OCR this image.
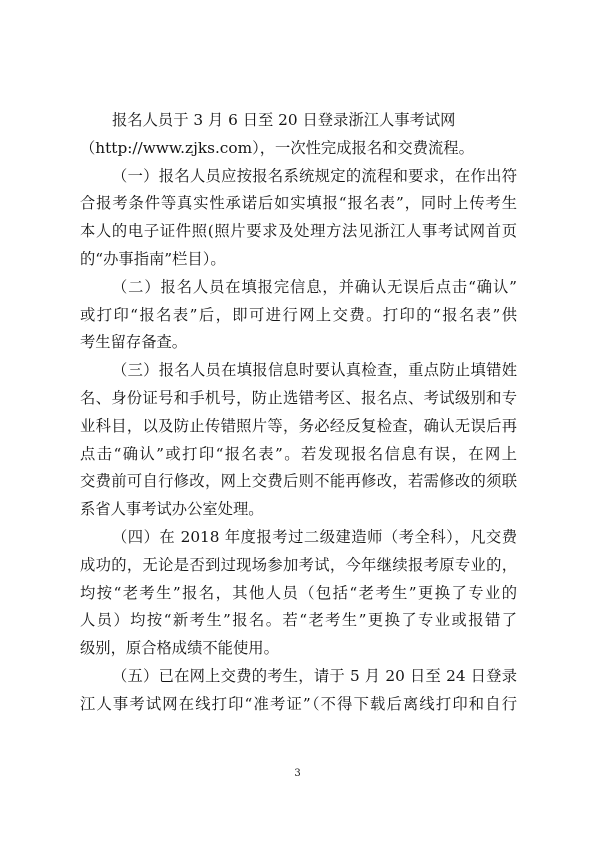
报名人员于 3 月 6 日至 20 日登录浙江人事考试网
（http://www.zjks.com），一次性完成报名和交费流程。
（一）报名人员应按报名系统规定的流程和要求，在作出符
合报考条件等真实性承诺后如实填报“报名表”，同时上传考生
本人的电子证件照(照片要求及处理方法见浙江人事考试网首页
的“办事指南”栏目）。
（二）报名人员在填报完信息，并确认无误后点击“确认”
或打印“报名表”后，即可进行网上交费。打印的“报名表”供
考生留存备查。
（三）报名人员在填报信息时要认真检查，重点防止填错姓
名、身份证号和手机号，防止选错考区、报名点、考试级别和专
业科目，以及防止传错照片等，务必经反复检查，确认无误后再
点击“确认”或打印“报名表”。若发现报名信息有误，在网上
交费前可自行修改，网上交费后则不能再修改，若需修改的须联
系省人事考试办公室处理。
（四）在 2018 年度报考过二级建造师（考全科），凡交费
成功的，无论是否到过现场参加考试，今年继续报考原专业的，
均按“老考生”报名，其他人员（包括“老考生”更换了专业的
人员）均按“新考生”报名。若“老考生”更换了专业或报错了
级别，原合格成绩不能使用。
（五）已在网上交费的考生，请于 5 月 20 日至 24 日登录
江人事考试网在线打印“准考证”（不得下载后离线打印和自行
3
